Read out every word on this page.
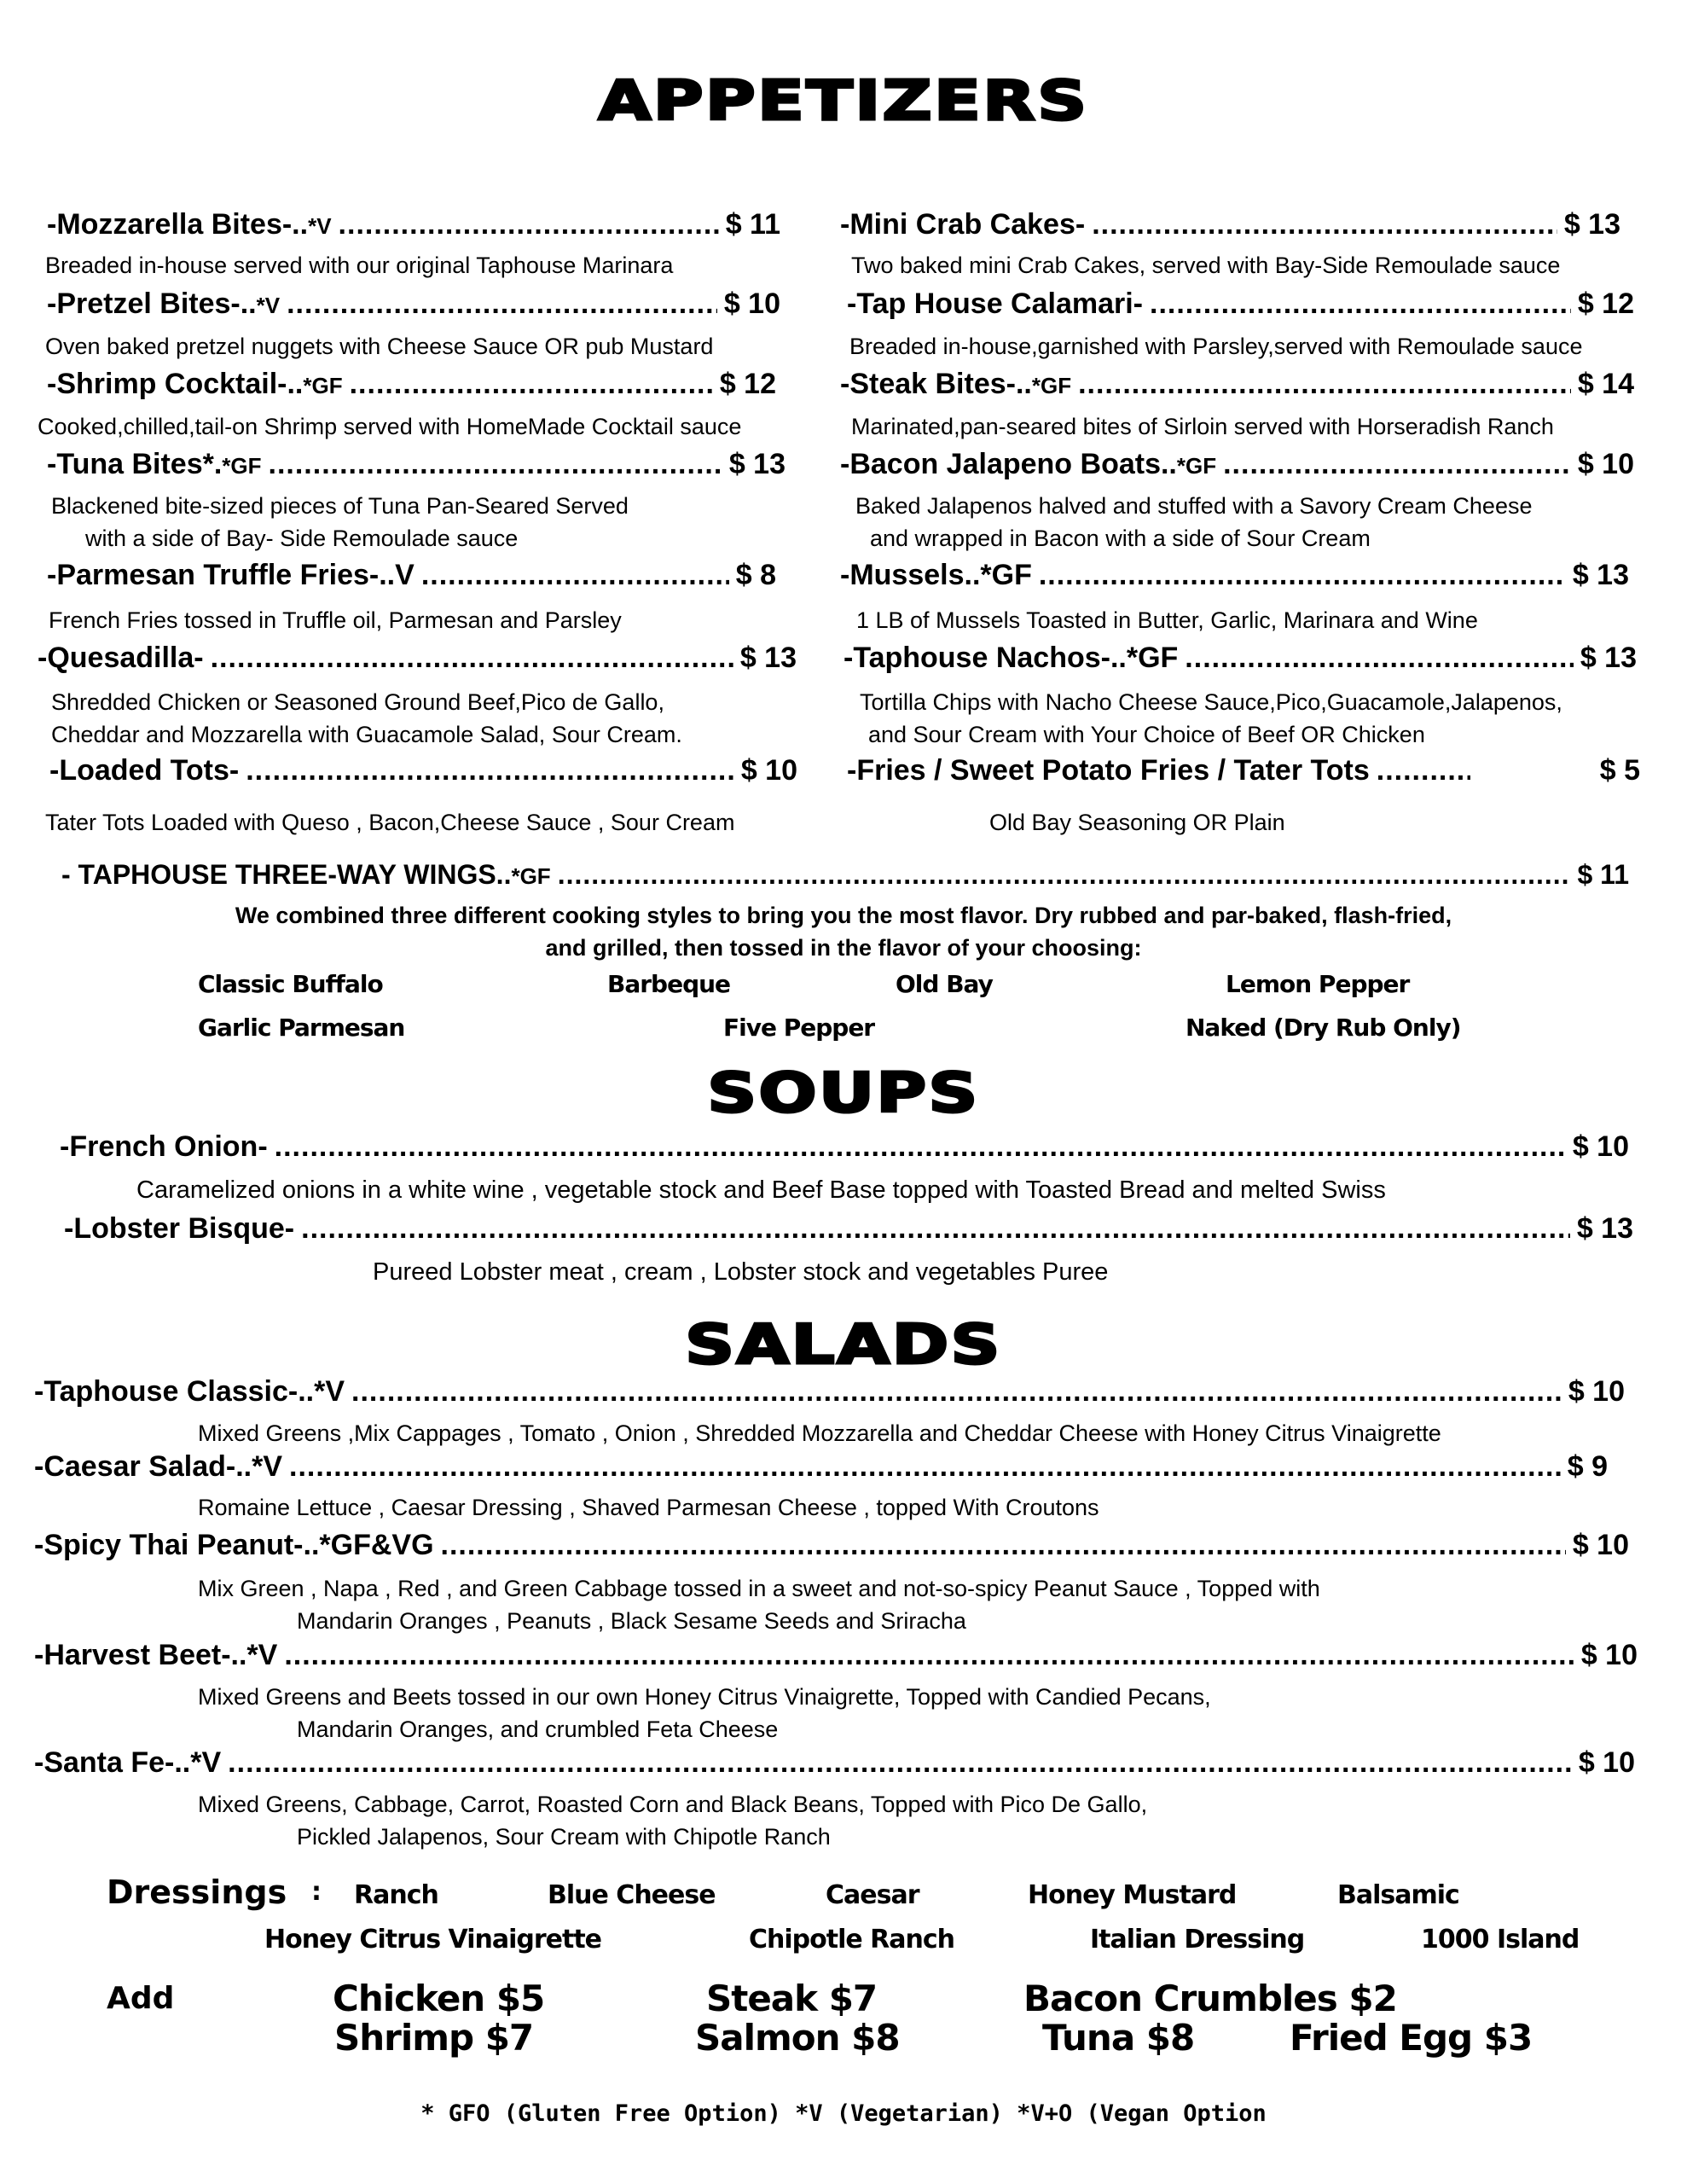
APPETIZERS
-Mozzarella Bites-.. *V .....	$ 11
Breaded in-house served with our original Taphouse Marinara
-Pretzel Bites-.. *V .....	$ 10
Oven baked pretzel nuggets with Cheese Sauce OR pub Mustard
-Shrimp Cocktail-.. *GF .....	$ 12
Cooked,chilled,tail-on Shrimp served with HomeMade Cocktail sauce
-Tuna Bites*. *GF .....	$ 13
Blackened bite-sized pieces of Tuna Pan-Seared Served
with a side of Bay- Side Remoulade sauce
-Parmesan Truffle Fries-..V .....	$ 8
French Fries tossed in Truffle oil, Parmesan and Parsley
-Quesadilla- .....	$ 13
Shredded Chicken or Seasoned Ground Beef,Pico de Gallo,
Cheddar and Mozzarella with Guacamole Salad, Sour Cream.
-Loaded Tots- .....	$ 10
Tater Tots Loaded with Queso , Bacon,Cheese Sauce , Sour Cream
-Mini Crab Cakes- .....	$ 13
Two baked mini Crab Cakes, served with Bay-Side Remoulade sauce
-Tap House Calamari- .....	$ 12
Breaded in-house,garnished with Parsley,served with Remoulade sauce
-Steak Bites-.. *GF .....	$ 14
Marinated,pan-seared bites of Sirloin served with Horseradish Ranch
-Bacon Jalapeno Boats.. *GF .....	$ 10
Baked Jalapenos halved and stuffed with a Savory Cream Cheese
and wrapped in Bacon with a side of Sour Cream
-Mussels..*GF .....	$ 13
1 LB of Mussels Toasted in Butter, Garlic, Marinara and Wine
-Taphouse Nachos-..*GF .....	$ 13
Tortilla Chips with Nacho Cheese Sauce,Pico,Guacamole,Jalapenos,
and Sour Cream with Your Choice of Beef OR Chicken
-Fries / Sweet Potato Fries / Tater Tots .....	$ 5
Old Bay Seasoning OR Plain
- TAPHOUSE THREE-WAY WINGS.. *GF .....	$ 11
We combined three different cooking styles to bring you the most flavor. Dry rubbed and par-baked, flash-fried,
and grilled, then tossed in the flavor of your choosing:
Classic Buffalo	Barbeque	Old Bay	Lemon Pepper
Garlic Parmesan	Five Pepper	Naked (Dry Rub Only)
SOUPS
-French Onion- .....	$ 10
Caramelized onions in a white wine , vegetable stock and Beef Base topped with Toasted Bread and melted Swiss
-Lobster Bisque- .....	$ 13
Pureed Lobster meat , cream , Lobster stock and vegetables Puree
SALADS
-Taphouse Classic-..*V .....	$ 10
Mixed Greens ,Mix Cappages , Tomato , Onion , Shredded Mozzarella and Cheddar Cheese with Honey Citrus Vinaigrette
-Caesar Salad-..*V .....	$ 9
Romaine Lettuce , Caesar Dressing , Shaved Parmesan Cheese , topped With Croutons
-Spicy Thai Peanut-..*GF&VG .....	$ 10
Mix Green , Napa , Red , and Green Cabbage tossed in a sweet and not-so-spicy Peanut Sauce , Topped with
Mandarin Oranges , Peanuts , Black Sesame Seeds and Sriracha
-Harvest Beet-..*V .....	$ 10
Mixed Greens and Beets tossed in our own Honey Citrus Vinaigrette, Topped with Candied Pecans,
Mandarin Oranges, and crumbled Feta Cheese
-Santa Fe-..*V .....	$ 10
Mixed Greens, Cabbage, Carrot, Roasted Corn and Black Beans, Topped with Pico De Gallo,
Pickled Jalapenos, Sour Cream with Chipotle Ranch
Dressings : Ranch	Blue Cheese	Caesar	Honey Mustard	Balsamic
Honey Citrus Vinaigrette	Chipotle Ranch	Italian Dressing	1000 Island
Add	Chicken $5	Steak $7	Bacon Crumbles $2
Shrimp $7	Salmon $8	Tuna $8	Fried Egg $3
* GFO (Gluten Free Option) *V (Vegetarian) *V+O (Vegan Option
